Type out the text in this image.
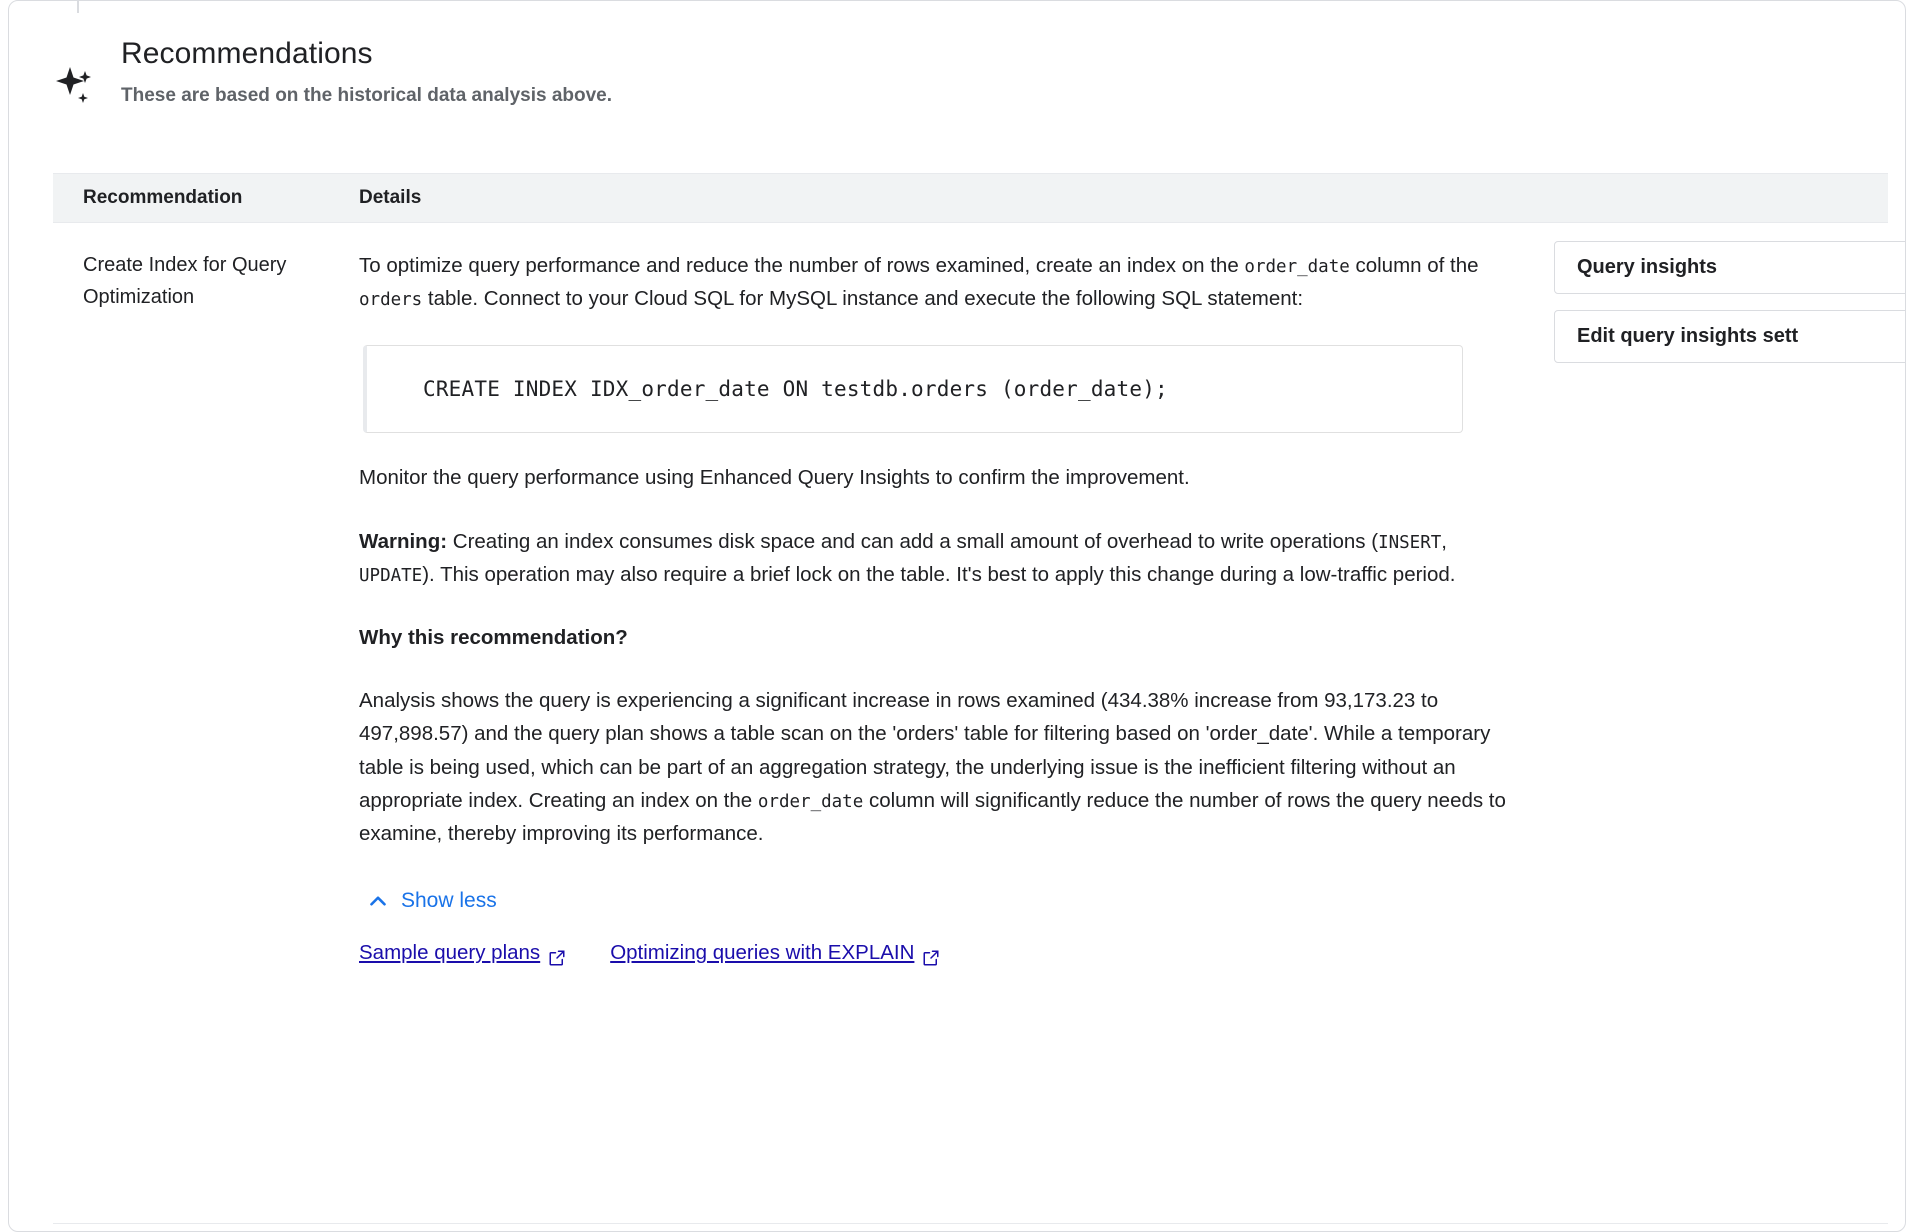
Recommendations
These are based on the historical data analysis above.
Recommendation	Details
Create Index for Query Optimization

To optimize query performance and reduce the number of rows examined, create an index on the order_date column of the orders table. Connect to your Cloud SQL for MySQL instance and execute the following SQL statement:

CREATE INDEX IDX_order_date ON testdb.orders (order_date);

Monitor the query performance using Enhanced Query Insights to confirm the improvement.

Warning: Creating an index consumes disk space and can add a small amount of overhead to write operations (INSERT, UPDATE). This operation may also require a brief lock on the table. It's best to apply this change during a low-traffic period.

Why this recommendation?

Analysis shows the query is experiencing a significant increase in rows examined (434.38% increase from 93,173.23 to 497,898.57) and the query plan shows a table scan on the 'orders' table for filtering based on 'order_date'. While a temporary table is being used, which can be part of an aggregation strategy, the underlying issue is the inefficient filtering without an appropriate index. Creating an index on the order_date column will significantly reduce the number of rows the query needs to examine, thereby improving its performance.

Show less
Sample query plans	Optimizing queries with EXPLAIN
Query insights
Edit query insights sett
